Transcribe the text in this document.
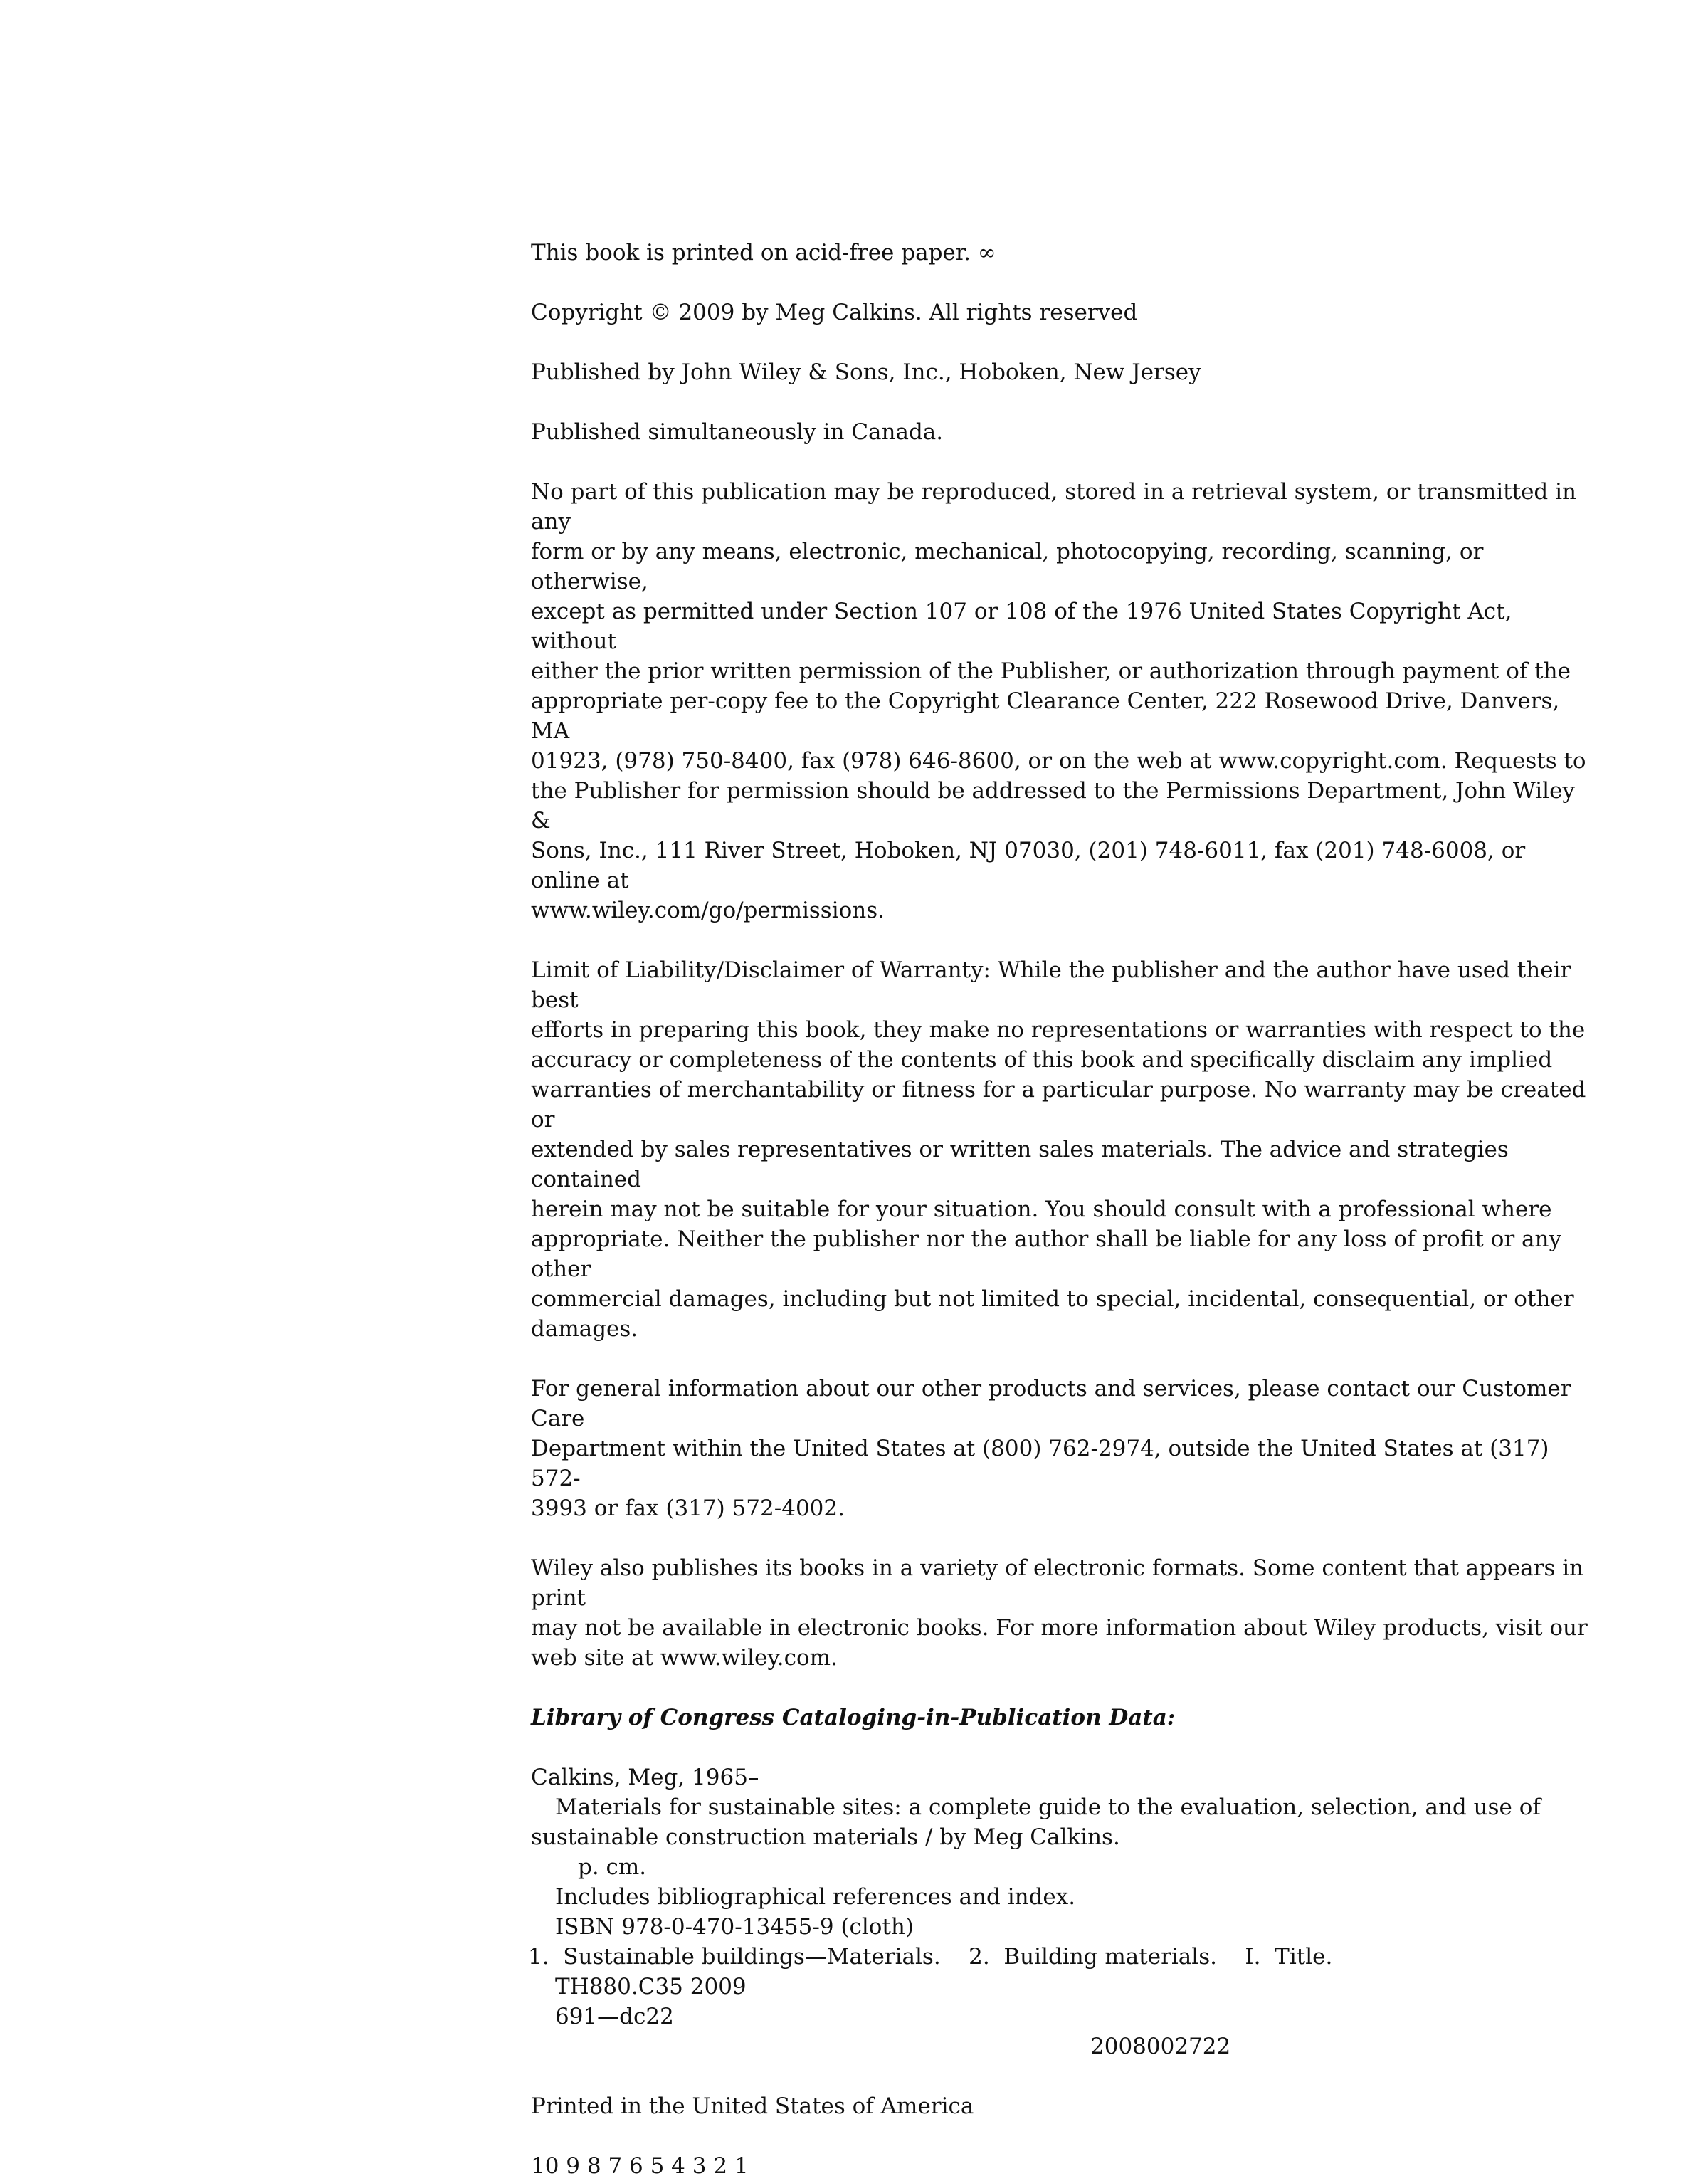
This book is printed on acid-free paper. ∞

Copyright © 2009 by Meg Calkins. All rights reserved

Published by John Wiley & Sons, Inc., Hoboken, New Jersey

Published simultaneously in Canada.

No part of this publication may be reproduced, stored in a retrieval system, or transmitted in any
form or by any means, electronic, mechanical, photocopying, recording, scanning, or otherwise,
except as permitted under Section 107 or 108 of the 1976 United States Copyright Act, without
either the prior written permission of the Publisher, or authorization through payment of the
appropriate per-copy fee to the Copyright Clearance Center, 222 Rosewood Drive, Danvers, MA
01923, (978) 750-8400, fax (978) 646-8600, or on the web at www.copyright.com. Requests to
the Publisher for permission should be addressed to the Permissions Department, John Wiley &
Sons, Inc., 111 River Street, Hoboken, NJ 07030, (201) 748-6011, fax (201) 748-6008, or online at
www.wiley.com/go/permissions.
Limit of Liability/Disclaimer of Warranty: While the publisher and the author have used their best
efforts in preparing this book, they make no representations or warranties with respect to the
accuracy or completeness of the contents of this book and specifically disclaim any implied
warranties of merchantability or fitness for a particular purpose. No warranty may be created or
extended by sales representatives or written sales materials. The advice and strategies contained
herein may not be suitable for your situation. You should consult with a professional where
appropriate. Neither the publisher nor the author shall be liable for any loss of profit or any other
commercial damages, including but not limited to special, incidental, consequential, or other
damages.
For general information about our other products and services, please contact our Customer Care
Department within the United States at (800) 762-2974, outside the United States at (317) 572-
3993 or fax (317) 572-4002.
Wiley also publishes its books in a variety of electronic formats. Some content that appears in print
may not be available in electronic books. For more information about Wiley products, visit our
web site at www.wiley.com.

Library of Congress Cataloging-in-Publication Data:

Calkins, Meg, 1965–
Materials for sustainable sites: a complete guide to the evaluation, selection, and use of
sustainable construction materials / by Meg Calkins.
p. cm.
Includes bibliographical references and index.
ISBN 978-0-470-13455-9 (cloth)
1.  Sustainable buildings—Materials.    2.  Building materials.    I.  Title.
TH880.C35 2009
691—dc22
2008002722

Printed in the United States of America

10 9 8 7 6 5 4 3 2 1
